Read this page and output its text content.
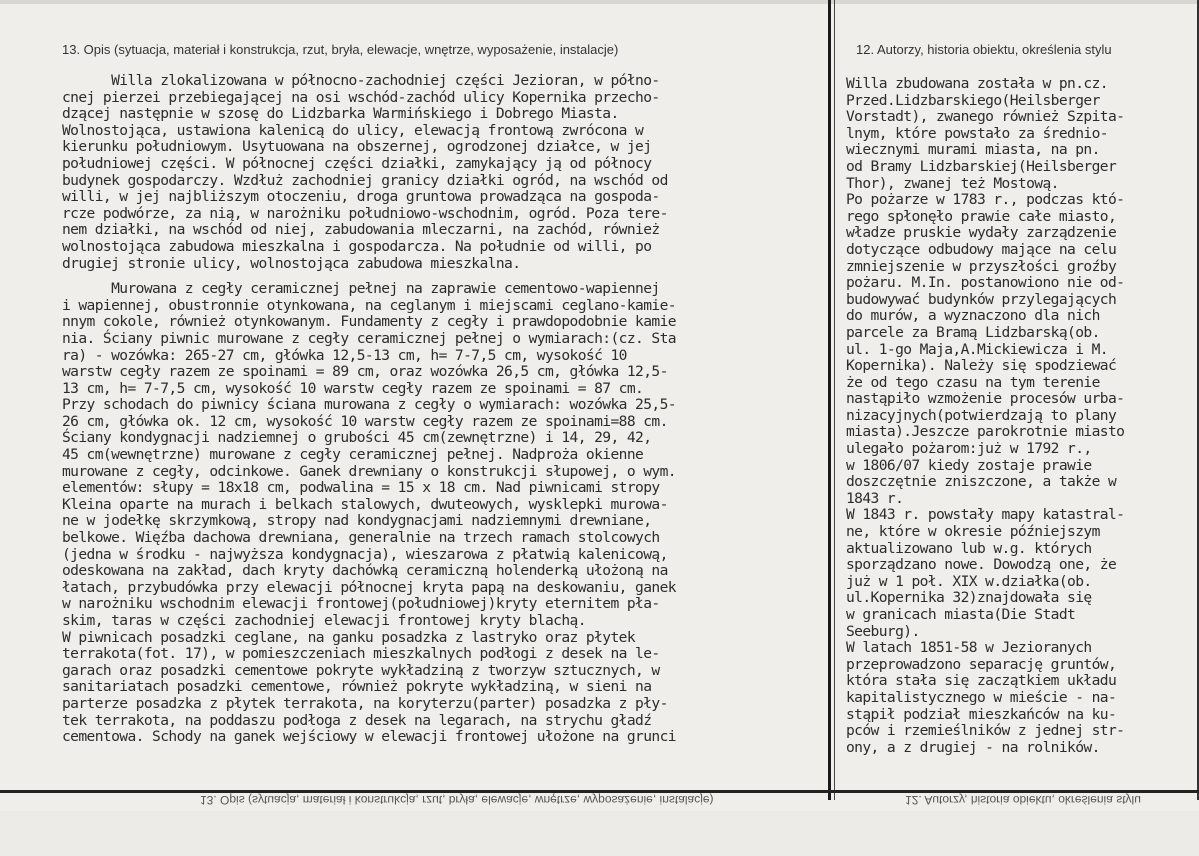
13. Opis (sytuacja, materiał i konstrukcja, rzut, bryła, elewacje, wnętrze, wyposażenie, instalacje)	12. Autorzy, historia obiektu, określenia stylu
Willa zlokalizowana w północno-zachodniej części Jezioran, w półno-
cnej pierzei przebiegającej na osi wschód-zachód ulicy Kopernika przecho-
dzącej następnie w szosę do Lidzbarka Warmińskiego i Dobrego Miasta.
Wolnostojąca, ustawiona kalenicą do ulicy, elewacją frontową zwrócona w
kierunku południowym. Usytuowana na obszernej, ogrodzonej działce, w jej
południowej części. W północnej części działki, zamykający ją od północy
budynek gospodarczy. Wzdłuż zachodniej granicy działki ogród, na wschód od
willi, w jej najbliższym otoczeniu, droga gruntowa prowadząca na gospoda-
rcze podwórze, za nią, w narożniku południowo-wschodnim, ogród. Poza tere-
nem działki, na wschód od niej, zabudowania mleczarni, na zachód, również
wolnostojąca zabudowa mieszkalna i gospodarcza. Na południe od willi, po
drugiej stronie ulicy, wolnostojąca zabudowa mieszkalna.
Murowana z cegły ceramicznej pełnej na zaprawie cementowo-wapiennej
i wapiennej, obustronnie otynkowana, na ceglanym i miejscami ceglano-kamie-
nnym cokole, również otynkowanym. Fundamenty z cegły i prawdopodobnie kamie
nia. Ściany piwnic murowane z cegły ceramicznej pełnej o wymiarach:(cz. Sta
ra) - wozówka: 265-27 cm, główka 12,5-13 cm, h= 7-7,5 cm, wysokość 10
warstw cegły razem ze spoinami = 89 cm, oraz wozówka 26,5 cm, główka 12,5-
13 cm, h= 7-7,5 cm, wysokość 10 warstw cegły razem ze spoinami = 87 cm.
Przy schodach do piwnicy ściana murowana z cegły o wymiarach: wozówka 25,5-
26 cm, główka ok. 12 cm, wysokość 10 warstw cegły razem ze spoinami=88 cm.
Ściany kondygnacji nadziemnej o grubości 45 cm(zewnętrzne) i 14, 29, 42,
45 cm(wewnętrzne) murowane z cegły ceramicznej pełnej. Nadproża okienne
murowane z cegły, odcinkowe. Ganek drewniany o konstrukcji słupowej, o wym.
elementów: słupy = 18x18 cm, podwalina = 15 x 18 cm. Nad piwnicami stropy
Kleina oparte na murach i belkach stalowych, dwuteowych, wysklepki murowa-
ne w jodełkę skrzymkową, stropy nad kondygnacjami nadziemnymi drewniane,
belkowe. Więźba dachowa drewniana, generalnie na trzech ramach stolcowych
(jedna w środku - najwyższa kondygnacja), wieszarowa z płatwią kalenicową,
odeskowana na zakład, dach kryty dachówką ceramiczną holenderką ułożoną na
łatach, przybudówka przy elewacji północnej kryta papą na deskowaniu, ganek
w narożniku wschodnim elewacji frontowej(południowej)kryty eternitem pła-
skim, taras w części zachodniej elewacji frontowej kryty blachą.
W piwnicach posadzki ceglane, na ganku posadzka z lastryko oraz płytek
terrakota(fot. 17), w pomieszczeniach mieszkalnych podłogi z desek na le-
garach oraz posadzki cementowe pokryte wykładziną z tworzyw sztucznych, w
sanitariatach posadzki cementowe, również pokryte wykładziną, w sieni na
parterze posadzka z płytek terrakota, na koryterzu(parter) posadzka z pły-
tek terrakota, na poddaszu podłoga z desek na legarach, na strychu gładź
cementowa. Schody na ganek wejściowy w elewacji frontowej ułożone na grunci
Willa zbudowana została w pn.cz.
Przed.Lidzbarskiego(Heilsberger
Vorstadt), zwanego również Szpita-
lnym, które powstało za średnio-
wiecznymi murami miasta, na pn.
od Bramy Lidzbarskiej(Heilsberger
Thor), zwanej też Mostową.
Po pożarze w 1783 r., podczas któ-
rego spłonęło prawie całe miasto,
władze pruskie wydały zarządzenie
dotyczące odbudowy mające na celu
zmniejszenie w przyszłości groźby
pożaru. M.In. postanowiono nie od-
budowywać budynków przylegających
do murów, a wyznaczono dla nich
parcele za Bramą Lidzbarską(ob.
ul. 1-go Maja,A.Mickiewicza i M.
Kopernika). Należy się spodziewać
że od tego czasu na tym terenie
nastąpiło wzmożenie procesów urba-
nizacyjnych(potwierdzają to plany
miasta).Jeszcze parokrotnie miasto
ulegało pożarom:już w 1792 r.,
w 1806/07 kiedy zostaje prawie
doszczętnie zniszczone, a także w
1843 r.
W 1843 r. powstały mapy katastral-
ne, które w okresie późniejszym
aktualizowano lub w.g. których
sporządzano nowe. Dowodzą one, że
już w 1 poł. XIX w.działka(ob.
ul.Kopernika 32)znajdowała się
w granicach miasta(Die Stadt
Seeburg).
W latach 1851-58 w Jezioranych
przeprowadzono separację gruntów,
która stała się zaczątkiem układu
kapitalistycznego w mieście - na-
stąpił podział mieszkańców na ku-
pców i rzemieślników z jednej str-
ony, a z drugiej - na rolników.
13. Opis (sytuacja, materiał i konstrukcja, rzut, bryła, elewacje, wnętrze, wyposażenie, instalacje)	12. Autorzy, historia obiektu, określenia stylu
